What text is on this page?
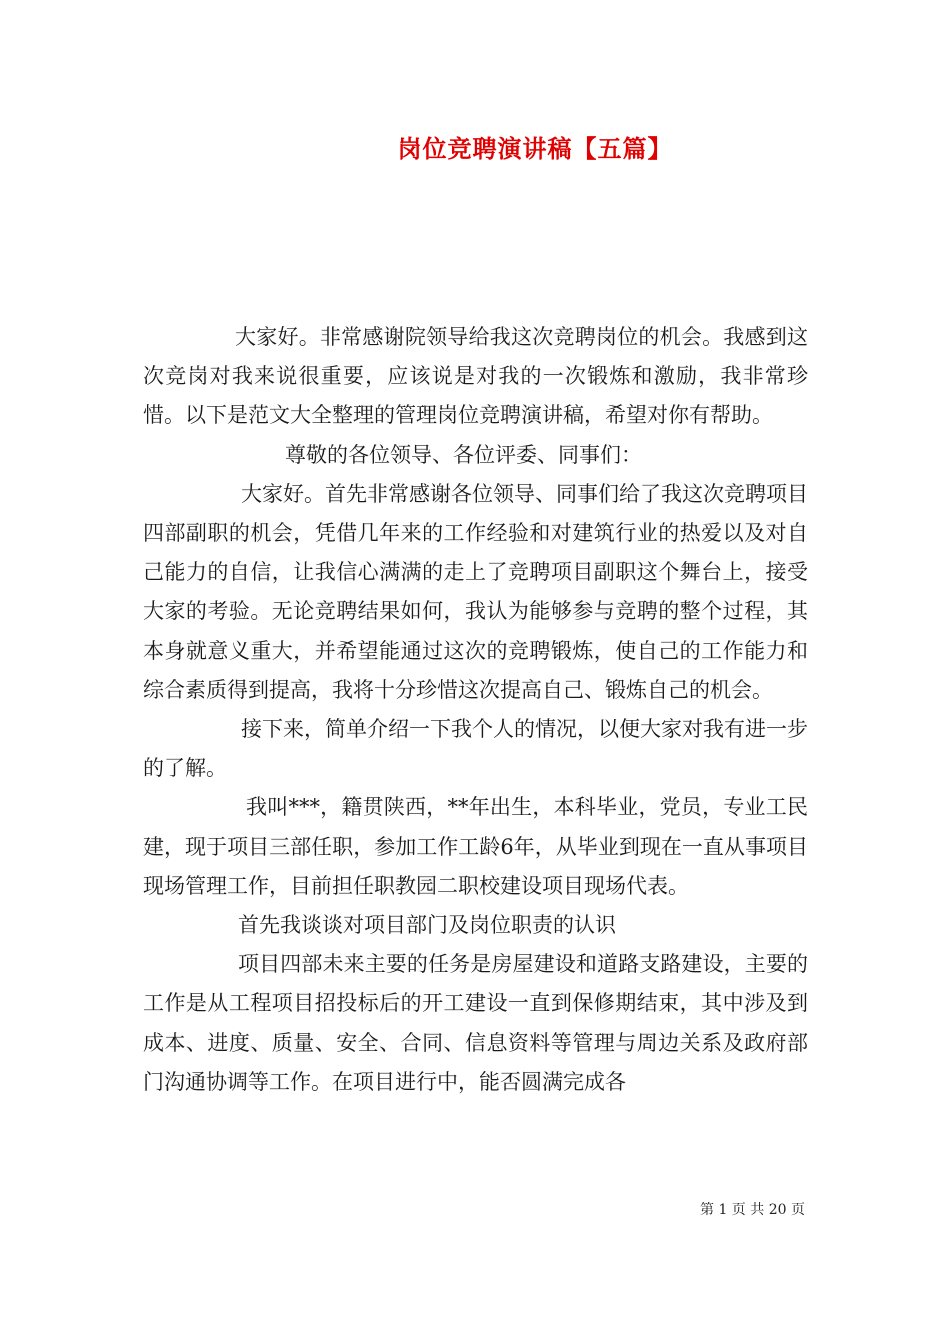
岗位竞聘演讲稿【五篇】

大家好。非常感谢院领导给我这次竞聘岗位的机会。我感到这次竞岗对我来说很重要，应该说是对我的一次锻炼和激励，我非常珍惜。以下是范文大全整理的管理岗位竞聘演讲稿，希望对你有帮助。

尊敬的各位领导、各位评委、同事们：

大家好。首先非常感谢各位领导、同事们给了我这次竞聘项目四部副职的机会，凭借几年来的工作经验和对建筑行业的热爱以及对自己能力的自信，让我信心满满的走上了竞聘项目副职这个舞台上，接受大家的考验。无论竞聘结果如何，我认为能够参与竞聘的整个过程，其本身就意义重大，并希望能通过这次的竞聘锻炼，使自己的工作能力和综合素质得到提高，我将十分珍惜这次提高自己、锻炼自己的机会。

接下来，简单介绍一下我个人的情况，以便大家对我有进一步的了解。

我叫***，籍贯陕西，**年出生，本科毕业，党员，专业工民建，现于项目三部任职，参加工作工龄6年，从毕业到现在一直从事项目现场管理工作，目前担任职教园二职校建设项目现场代表。

首先我谈谈对项目部门及岗位职责的认识

项目四部未来主要的任务是房屋建设和道路支路建设，主要的工作是从工程项目招投标后的开工建设一直到保修期结束，其中涉及到成本、进度、质量、安全、合同、信息资料等管理与周边关系及政府部门沟通协调等工作。在项目进行中，能否圆满完成各

第 1 页 共 20 页
